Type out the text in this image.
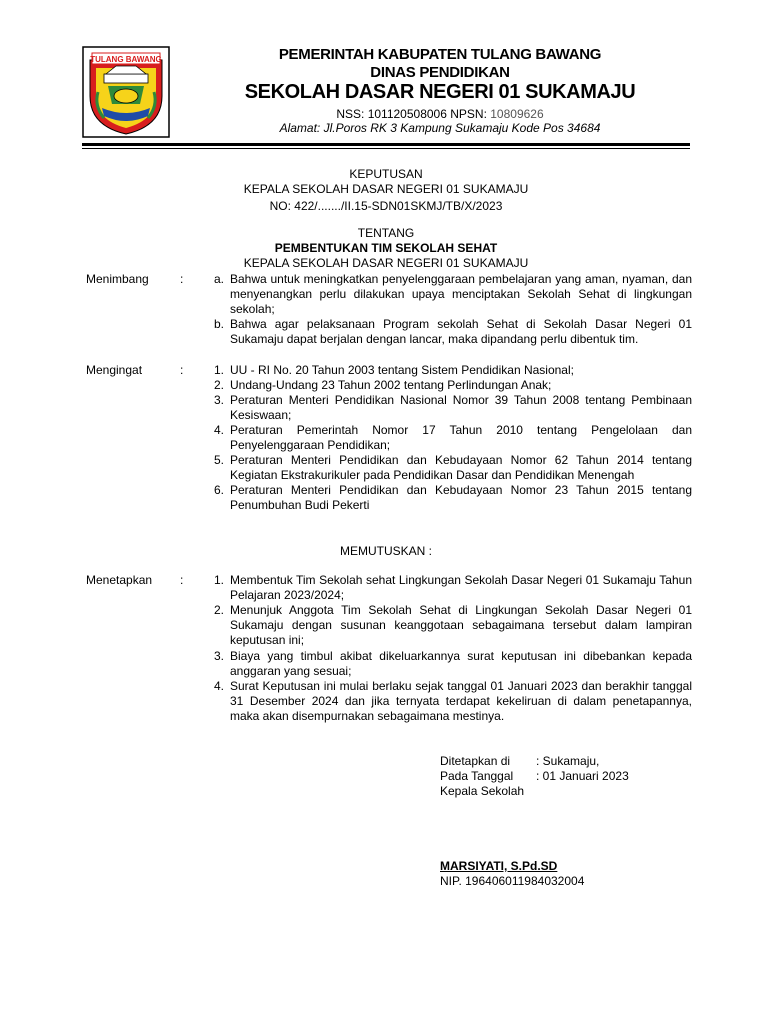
TULANG BAWANG	PEMERINTAH KABUPATEN TULANG BAWANG
DINAS PENDIDIKAN
SEKOLAH DASAR NEGERI 01 SUKAMAJU
NSS: 101120508006 NPSN: 10809626
Alamat: Jl.Poros RK 3 Kampung Sukamaju Kode Pos 34684
KEPUTUSAN
KEPALA SEKOLAH DASAR NEGERI 01 SUKAMAJU
NO: 422/......./II.15-SDN01SKMJ/TB/X/2023
TENTANG
PEMBENTUKAN TIM SEKOLAH SEHAT
KEPALA SEKOLAH DASAR NEGERI 01 SUKAMAJU
Menimbang	:	a. Bahwa untuk meningkatkan penyelenggaraan pembelajaran yang aman, nyaman, dan menyenangkan perlu dilakukan upaya menciptakan Sekolah Sehat di lingkungan sekolah;
b. Bahwa agar pelaksanaan Program sekolah Sehat di Sekolah Dasar Negeri 01 Sukamaju dapat berjalan dengan lancar, maka dipandang perlu dibentuk tim.
Mengingat	:	1. UU - RI No. 20 Tahun 2003 tentang Sistem Pendidikan Nasional;
2. Undang-Undang 23 Tahun 2002 tentang Perlindungan Anak;
3. Peraturan Menteri Pendidikan Nasional Nomor 39 Tahun 2008 tentang Pembinaan Kesiswaan;
4. Peraturan Pemerintah Nomor 17 Tahun 2010 tentang Pengelolaan dan Penyelenggaraan Pendidikan;
5. Peraturan Menteri Pendidikan dan Kebudayaan Nomor 62 Tahun 2014 tentang Kegiatan Ekstrakurikuler pada Pendidikan Dasar dan Pendidikan Menengah
6. Peraturan Menteri Pendidikan dan Kebudayaan Nomor 23 Tahun 2015 tentang Penumbuhan Budi Pekerti
MEMUTUSKAN :
Menetapkan :	1. Membentuk Tim Sekolah sehat Lingkungan Sekolah Dasar Negeri 01 Sukamaju Tahun Pelajaran 2023/2024;
2. Menunjuk Anggota Tim Sekolah Sehat di Lingkungan Sekolah Dasar Negeri 01 Sukamaju dengan susunan keanggotaan sebagaimana tersebut dalam lampiran keputusan ini;
3. Biaya yang timbul akibat dikeluarkannya surat keputusan ini dibebankan kepada anggaran yang sesuai;
4. Surat Keputusan ini mulai berlaku sejak tanggal 01 Januari 2023 dan berakhir tanggal 31 Desember 2024 dan jika ternyata terdapat kekeliruan di dalam penetapannya, maka akan disempurnakan sebagaimana mestinya.
Ditetapkan di : Sukamaju,
Pada Tanggal : 01 Januari 2023
Kepala Sekolah
MARSIYATI, S.Pd.SD
NIP. 196406011984032004
